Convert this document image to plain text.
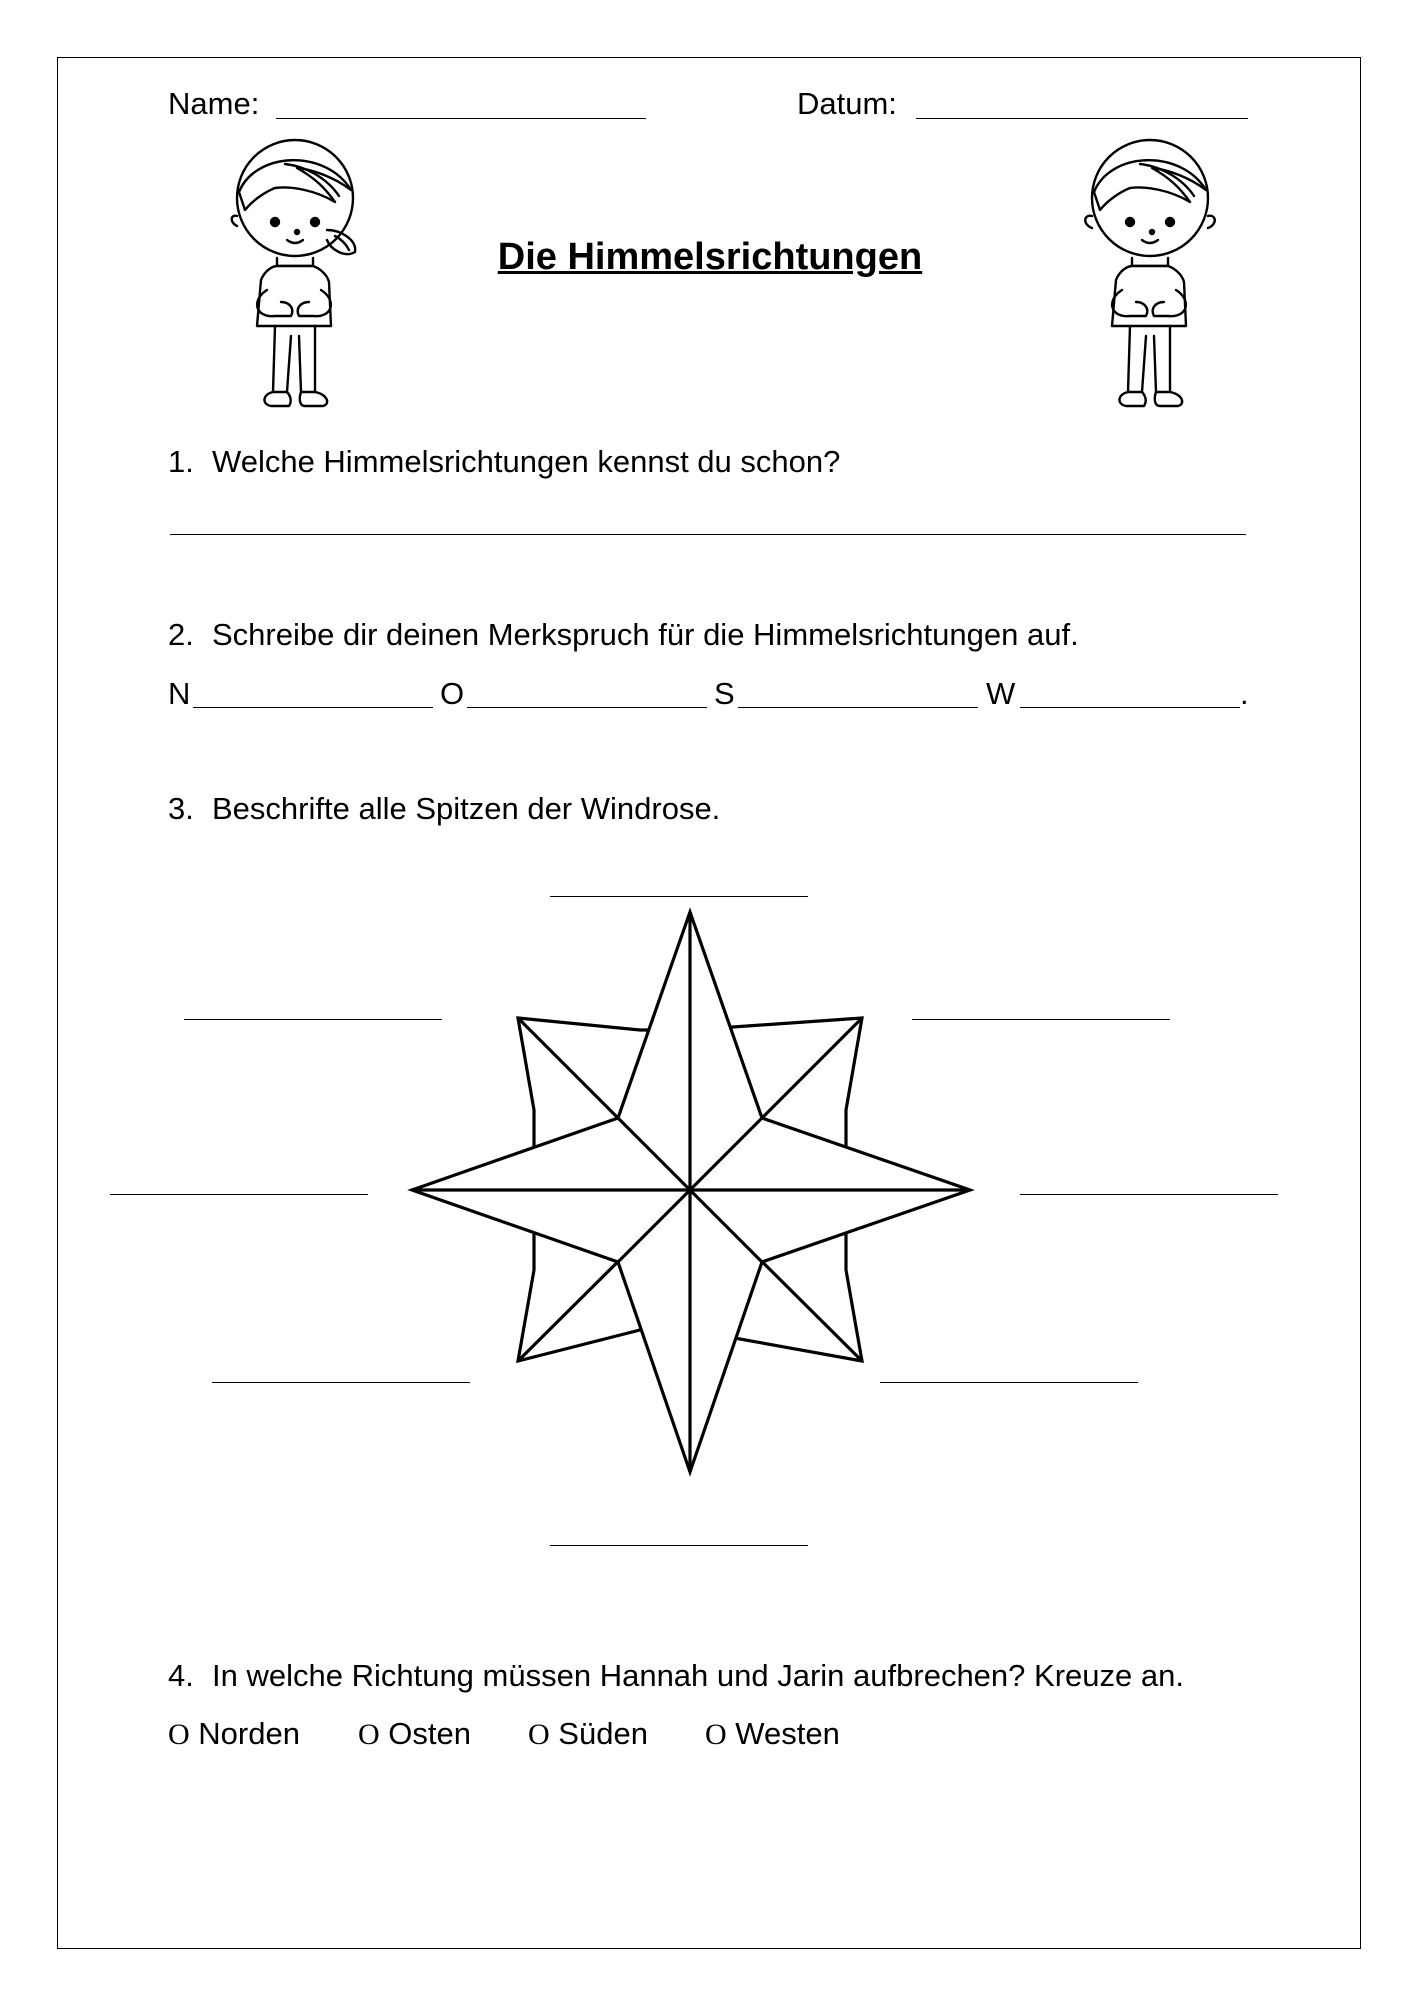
Name:	Datum:
Die Himmelsrichtungen
1. Welche Himmelsrichtungen kennst du schon?
2. Schreibe dir deinen Merkspruch für die Himmelsrichtungen auf.
N	O	S	W	.
3. Beschrifte alle Spitzen der Windrose.
4. In welche Richtung müssen Hannah und Jarin aufbrechen? Kreuze an.
O Norden O Osten O Süden O Westen
